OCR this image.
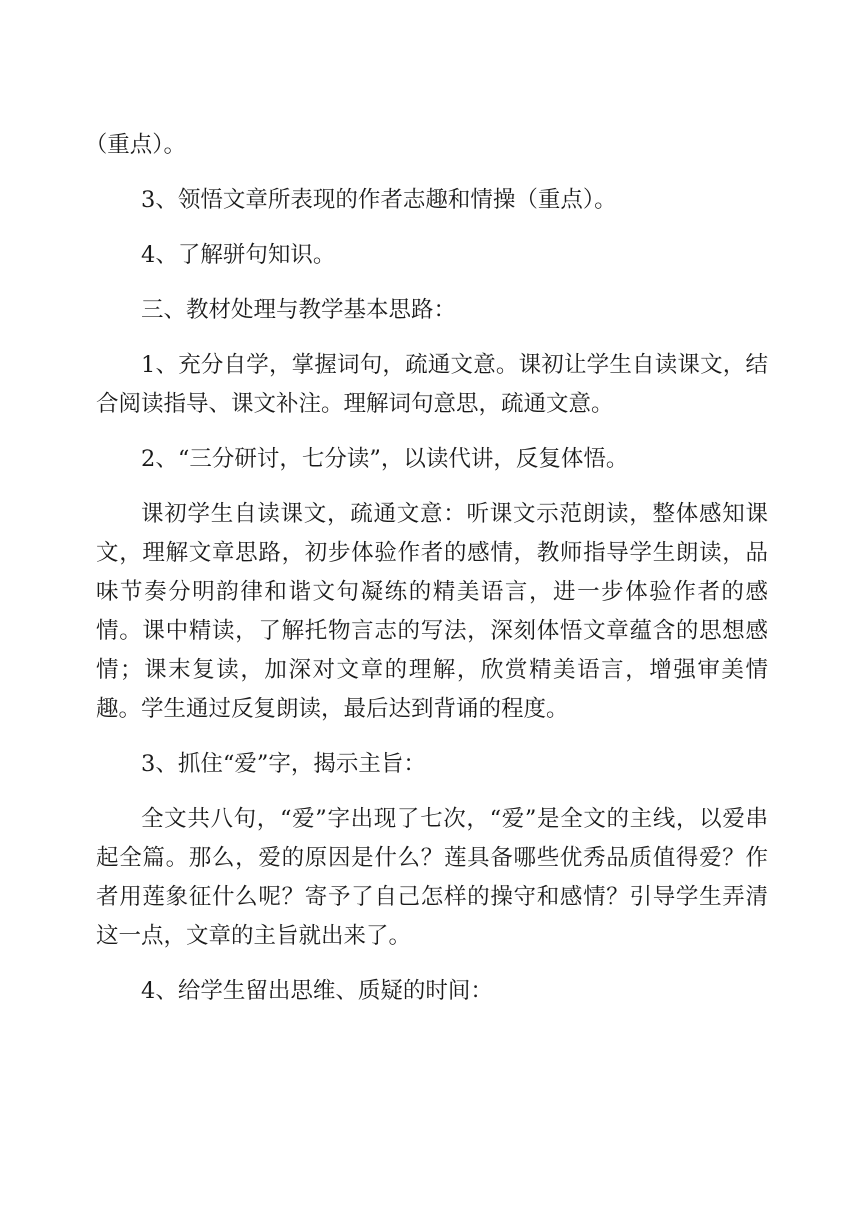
（重点）。

3、领悟文章所表现的作者志趣和情操（重点）。

4、了解骈句知识。

三、教材处理与教学基本思路：

1、充分自学，掌握词句，疏通文意。课初让学生自读课文，结合阅读指导、课文补注。理解词句意思，疏通文意。

2、“三分研讨，七分读”，以读代讲，反复体悟。

课初学生自读课文，疏通文意：听课文示范朗读，整体感知课文，理解文章思路，初步体验作者的感情，教师指导学生朗读，品味节奏分明韵律和谐文句凝练的精美语言，进一步体验作者的感情。课中精读，了解托物言志的写法，深刻体悟文章蕴含的思想感情；课末复读，加深对文章的理解，欣赏精美语言，增强审美情趣。学生通过反复朗读，最后达到背诵的程度。

3、抓住“爱”字，揭示主旨：

全文共八句，“爱”字出现了七次，“爱”是全文的主线，以爱串起全篇。那么，爱的原因是什么？莲具备哪些优秀品质值得爱？作者用莲象征什么呢？寄予了自己怎样的操守和感情？引导学生弄清这一点，文章的主旨就出来了。

4、给学生留出思维、质疑的时间：
